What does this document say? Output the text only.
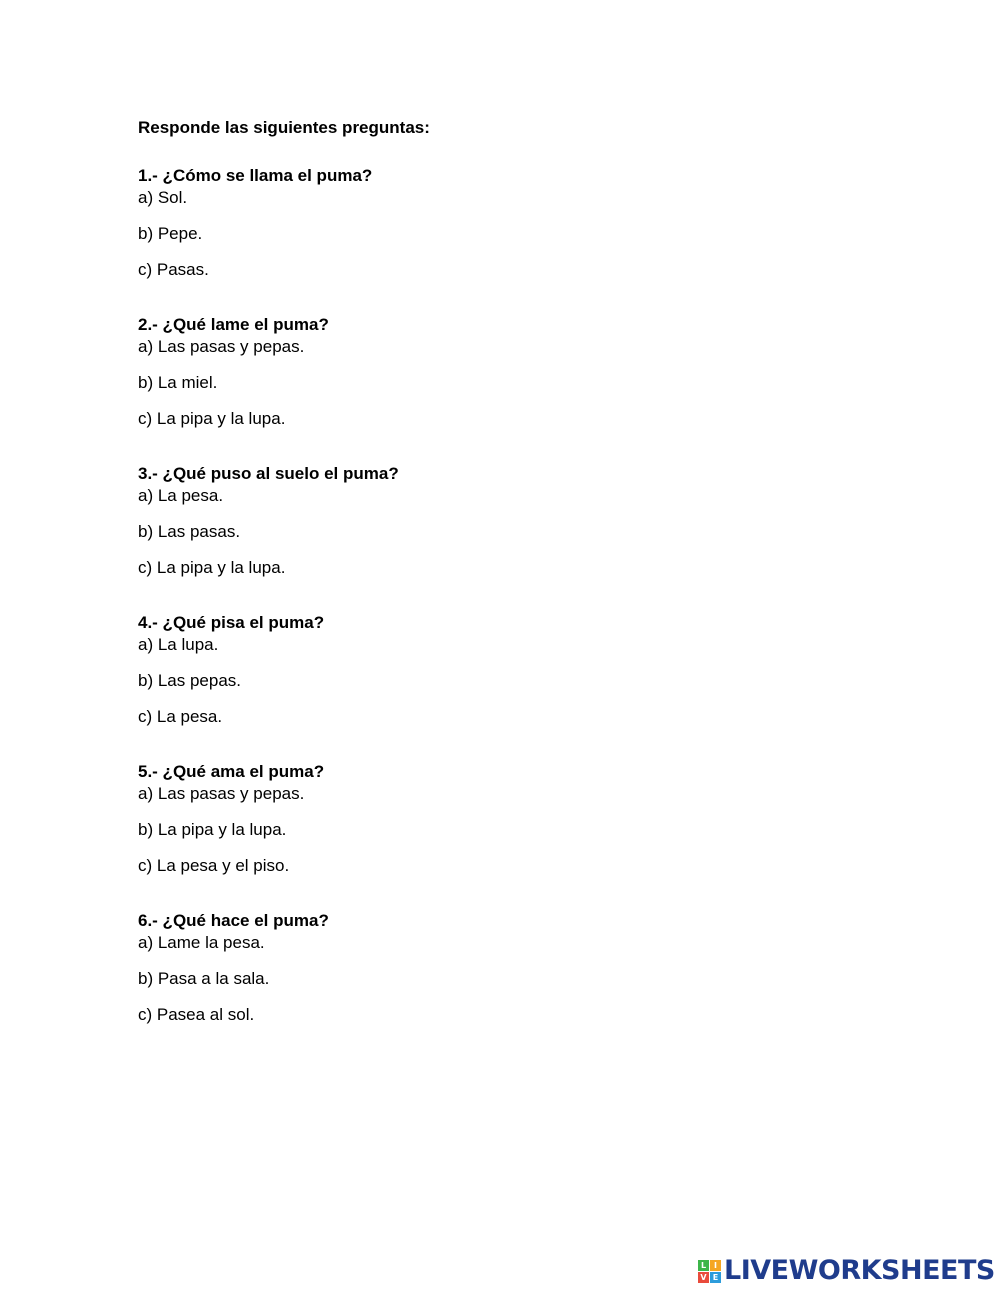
Responde las siguientes preguntas:

1.- ¿Cómo se llama el puma?

a) Sol.

b) Pepe.

c) Pasas.

2.- ¿Qué lame el puma?

a) Las pasas y pepas.

b) La miel.

c) La pipa y la lupa.

3.- ¿Qué puso al suelo el puma?

a) La pesa.

b) Las pasas.

c) La pipa y la lupa.

4.- ¿Qué pisa el puma?

a) La lupa.

b) Las pepas.

c) La pesa.

5.- ¿Qué ama el puma?

a) Las pasas y pepas.

b) La pipa y la lupa.

c) La pesa y el piso.

6.- ¿Qué hace el puma?

a) Lame la pesa.

b) Pasa a la sala.

c) Pasea al sol.

L I
V E LIVEWORKSHEETS
